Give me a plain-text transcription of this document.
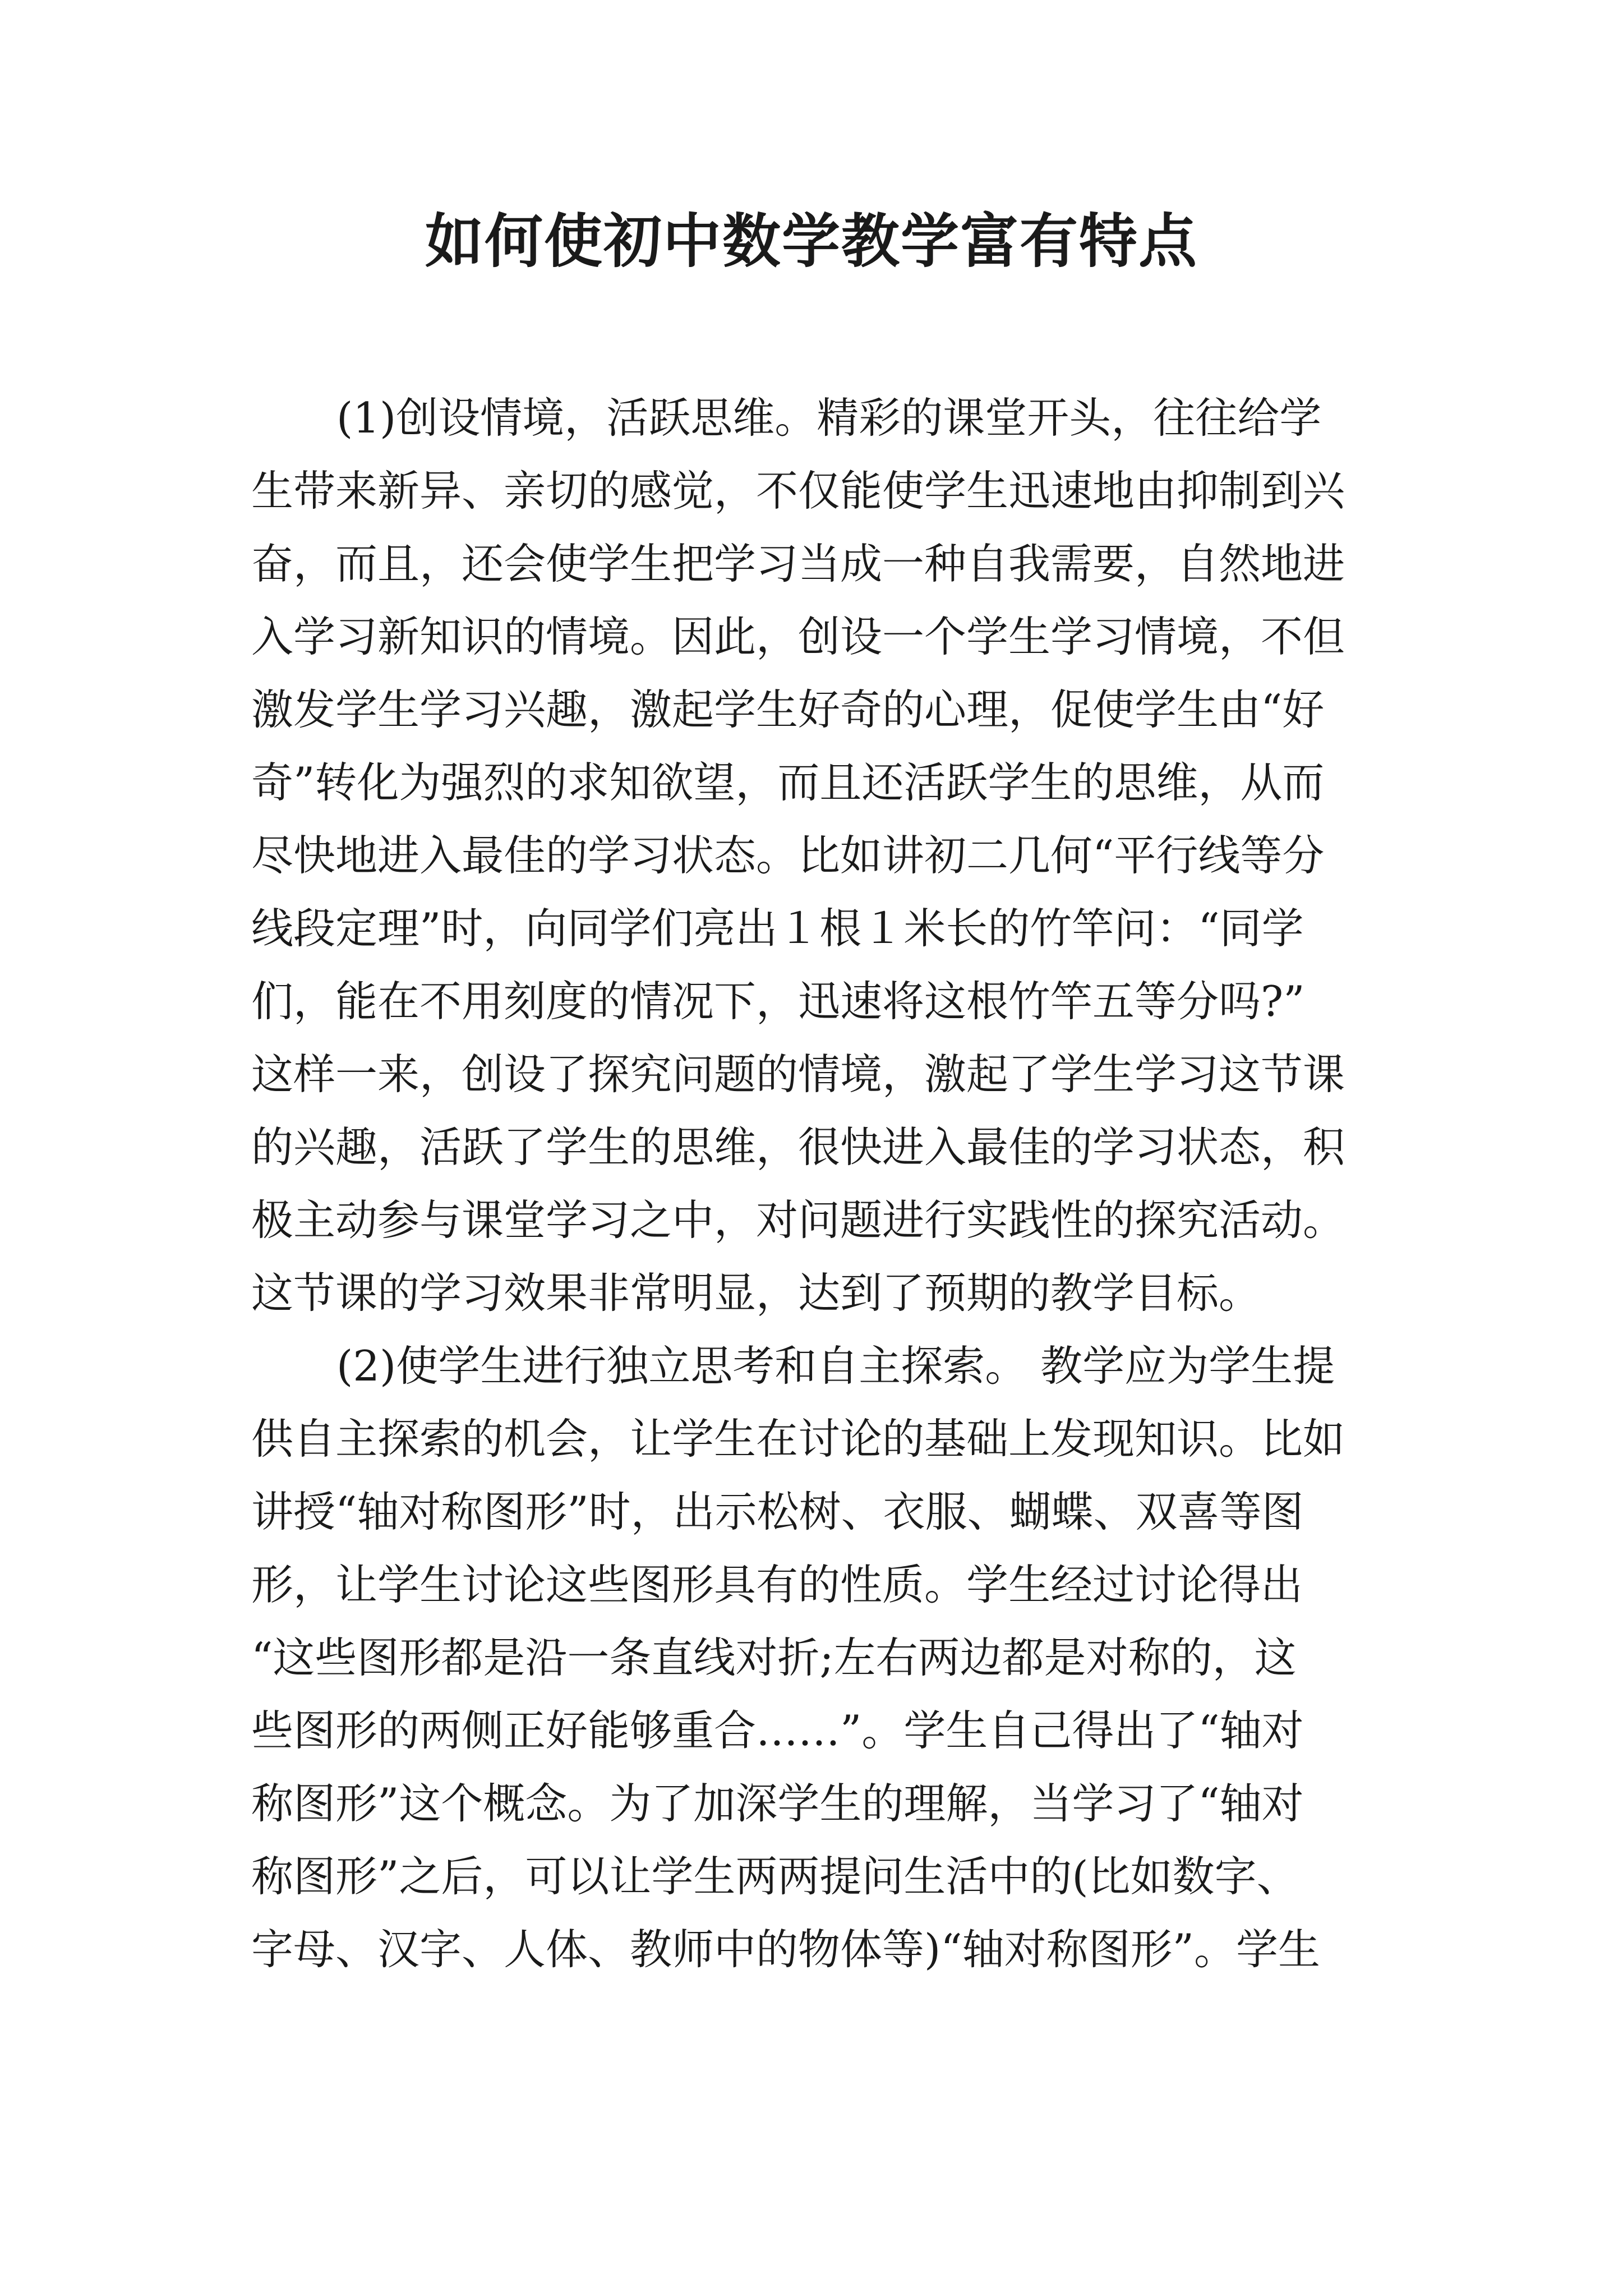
如何使初中数学教学富有特点

(1)创设情境，活跃思维。精彩的课堂开头，往往给学

生带来新异、亲切的感觉，不仅能使学生迅速地由抑制到兴

奋，而且，还会使学生把学习当成一种自我需要，自然地进

入学习新知识的情境。因此，创设一个学生学习情境，不但

激发学生学习兴趣，激起学生好奇的心理，促使学生由“好

奇”转化为强烈的求知欲望，而且还活跃学生的思维，从而

尽快地进入最佳的学习状态。比如讲初二几何“平行线等分

线段定理”时，向同学们亮出１根１米长的竹竿问：“同学

们，能在不用刻度的情况下，迅速将这根竹竿五等分吗?”

这样一来，创设了探究问题的情境，激起了学生学习这节课

的兴趣，活跃了学生的思维，很快进入最佳的学习状态，积

极主动参与课堂学习之中，对问题进行实践性的探究活动。

这节课的学习效果非常明显，达到了预期的教学目标。

(2)使学生进行独立思考和自主探索。 教学应为学生提

供自主探索的机会，让学生在讨论的基础上发现知识。比如

讲授“轴对称图形”时，出示松树、衣服、蝴蝶、双喜等图

形，让学生讨论这些图形具有的性质。学生经过讨论得出

“这些图形都是沿一条直线对折;左右两边都是对称的，这

些图形的两侧正好能够重合……”。学生自己得出了“轴对

称图形”这个概念。为了加深学生的理解，当学习了“轴对

称图形”之后，可以让学生两两提问生活中的(比如数字、

字母、汉字、人体、教师中的物体等)“轴对称图形”。学生
